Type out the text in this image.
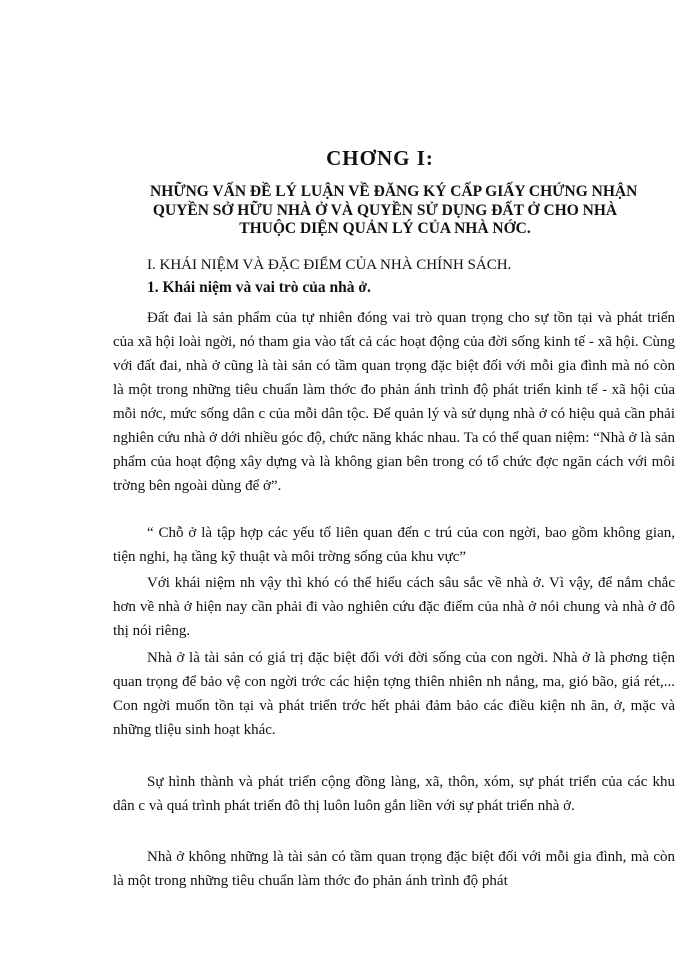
CHƠNG I:
NHỮNG VẤN ĐỀ LÝ LUẬN VỀ ĐĂNG KÝ CẤP GIẤY CHỨNG NHẬN
QUYỀN SỞ HỮU NHÀ Ở VÀ QUYỀN SỬ DỤNG ĐẤT Ở CHO NHÀ
THUỘC DIỆN QUẢN LÝ CỦA NHÀ NỚC.
I. KHÁI NIỆM VÀ ĐẶC ĐIỂM CỦA NHÀ CHÍNH SÁCH.
1. Khái niệm và vai trò của nhà ở.

Đất đai là sản phẩm của tự nhiên đóng vai trò quan trọng cho sự tồn tại và phát triển của xã hội loài ngời, nó tham gia vào tất cả các hoạt động của đời sống kinh tế - xã hội. Cùng với đất đai, nhà ở cũng là tài sản có tầm quan trọng đặc biệt đối với mỗi gia đình mà nó còn là một trong những tiêu chuẩn làm thớc đo phản ánh trình độ phát triển kinh tế - xã hội của mỗi nớc, mức sống dân c của mỗi dân tộc. Để quản lý và sử dụng nhà ở có hiệu quả cần phải nghiên cứu nhà ở dới nhiều góc độ, chức năng khác nhau. Ta có thể quan niệm: “Nhà ở là sản phẩm của hoạt động xây dựng và là không gian bên trong có tổ chức đợc ngăn cách với môi trờng bên ngoài dùng để ở”.

“ Chỗ ở là tập hợp các yếu tố liên quan đến c trú của con ngời, bao gồm không gian, tiện nghi, hạ tầng kỹ thuật và môi trờng sống của khu vực”

Với khái niệm nh vậy thì khó có thể hiểu cách sâu sắc về nhà ở. Vì vậy, để nắm chắc hơn về nhà ở hiện nay cần phải đi vào nghiên cứu đặc điểm của nhà ở nói chung và nhà ở đô thị nói riêng.

Nhà ở là tài sản có giá trị đặc biệt đối với đời sống của con ngời. Nhà ở là phơng tiện quan trọng để bảo vệ con ngời trớc các hiện tợng thiên nhiên nh nắng, ma, gió bão, giá rét,... Con ngời muốn tồn tại và phát triển trớc hết phải đảm bảo các điều kiện nh ăn, ở, mặc và những tliệu sinh hoạt khác.

Sự hình thành và phát triển cộng đồng làng, xã, thôn, xóm, sự phát triển của các khu dân c và quá trình phát triển đô thị luôn luôn gắn liền với sự phát triển nhà ở.

Nhà ở không những là tài sản có tầm quan trọng đặc biệt đối với mỗi gia đình, mà còn là một trong những tiêu chuẩn làm thớc đo phản ánh trình độ phát
